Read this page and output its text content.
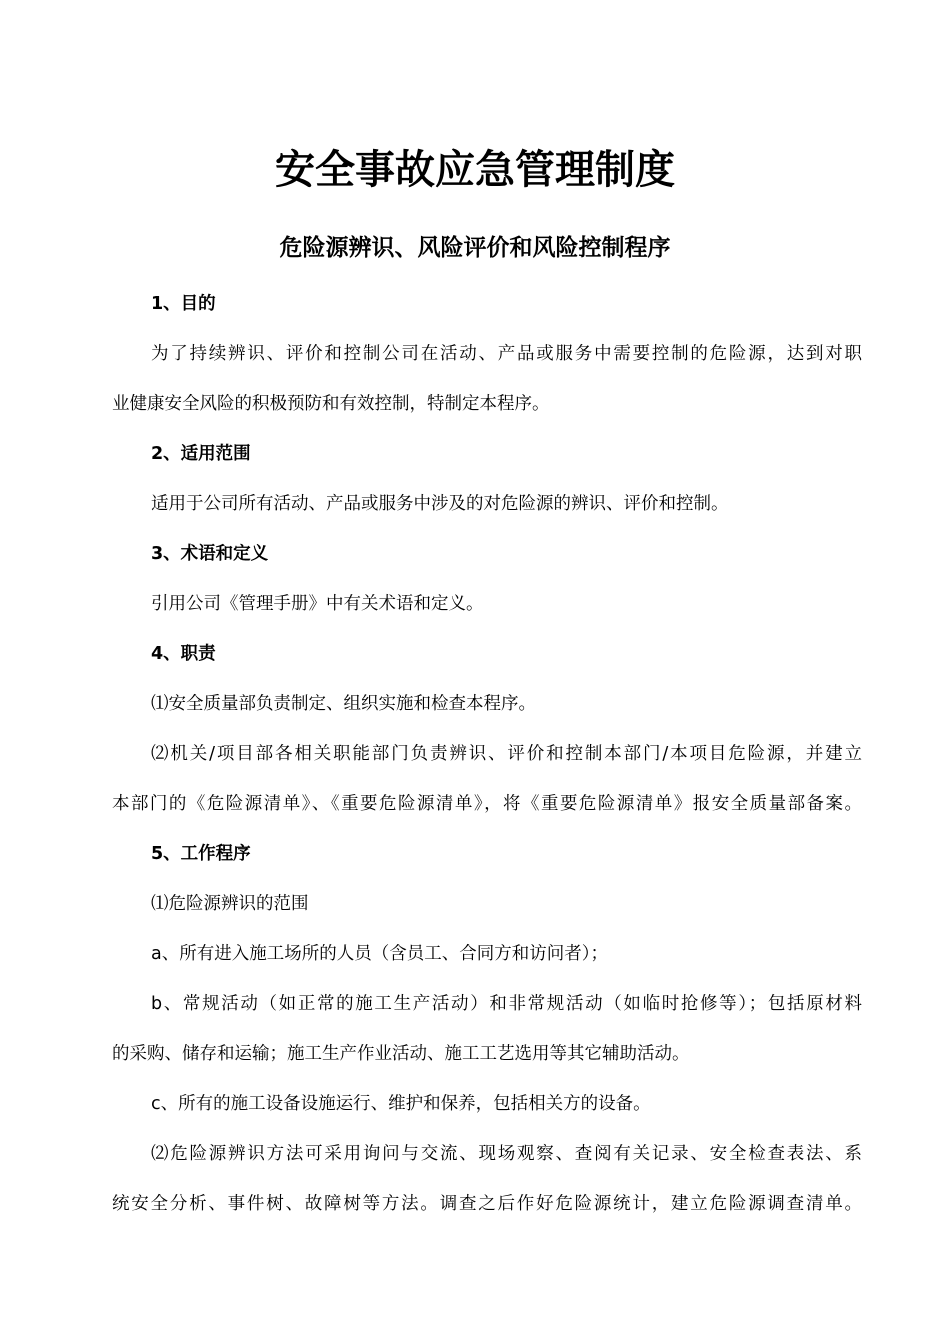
安全事故应急管理制度
危险源辨识、风险评价和风险控制程序
1、目的
为了持续辨识、评价和控制公司在活动、产品或服务中需要控制的危险源，达到对职
业健康安全风险的积极预防和有效控制，特制定本程序。
2、适用范围
适用于公司所有活动、产品或服务中涉及的对危险源的辨识、评价和控制。
3、术语和定义
引用公司《管理手册》中有关术语和定义。
4、职责
⑴安全质量部负责制定、组织实施和检查本程序。
⑵机关/项目部各相关职能部门负责辨识、评价和控制本部门/本项目危险源，并建立
本部门的《危险源清单》、《重要危险源清单》，将《重要危险源清单》报安全质量部备案。
5、工作程序
⑴危险源辨识的范围
a、所有进入施工场所的人员（含员工、合同方和访问者）；
b、常规活动（如正常的施工生产活动）和非常规活动（如临时抢修等）；包括原材料
的采购、储存和运输；施工生产作业活动、施工工艺选用等其它辅助活动。
c、所有的施工设备设施运行、维护和保养，包括相关方的设备。
⑵危险源辨识方法可采用询问与交流、现场观察、查阅有关记录、安全检查表法、系
统安全分析、事件树、故障树等方法。调查之后作好危险源统计，建立危险源调查清单。
